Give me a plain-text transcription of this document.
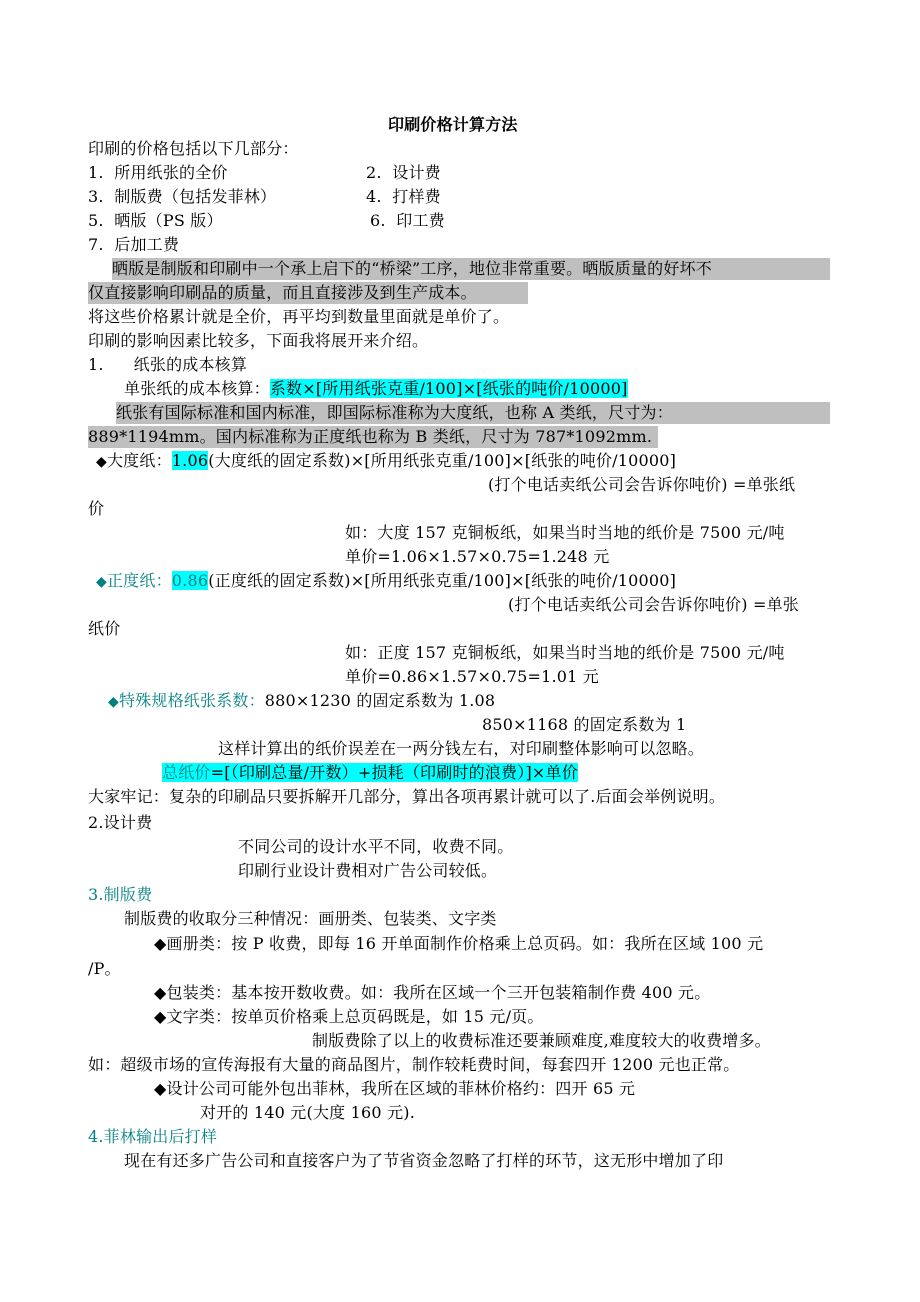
印刷价格计算方法
印刷的价格包括以下几部分：
1. 所用纸张的全价	2. 设计费
3. 制版费（包括发菲林）	4. 打样费
5. 晒版（PS 版）	6. 印工费
7. 后加工费
晒版是制版和印刷中一个承上启下的“桥梁”工序，地位非常重要。晒版质量的好坏不
仅直接影响印刷品的质量，而且直接涉及到生产成本。
将这些价格累计就是全价，再平均到数量里面就是单价了。
印刷的影响因素比较多，下面我将展开来介绍。
1. 纸张的成本核算
单张纸的成本核算：系数×[所用纸张克重/100]×[纸张的吨价/10000]
纸张有国际标准和国内标准，即国际标准称为大度纸，也称 A 类纸，尺寸为：
889*1194mm。国内标准称为正度纸也称为 B 类纸，尺寸为 787*1092mm.
◆大度纸：1.06(大度纸的固定系数)×[所用纸张克重/100]×[纸张的吨价/10000]
(打个电话卖纸公司会告诉你吨价) =单张纸
价
如：大度 157 克铜板纸，如果当时当地的纸价是 7500 元/吨
单价=1.06×1.57×0.75=1.248 元
◆正度纸：0.86(正度纸的固定系数)×[所用纸张克重/100]×[纸张的吨价/10000]
(打个电话卖纸公司会告诉你吨价) =单张
纸价
如：正度 157 克铜板纸，如果当时当地的纸价是 7500 元/吨
单价=0.86×1.57×0.75=1.01 元
◆特殊规格纸张系数：880×1230 的固定系数为 1.08
850×1168 的固定系数为 1
这样计算出的纸价误差在一两分钱左右，对印刷整体影响可以忽略。
总纸价=[（印刷总量/开数）+损耗（印刷时的浪费）]×单价
大家牢记：复杂的印刷品只要拆解开几部分，算出各项再累计就可以了.后面会举例说明。
2.设计费
不同公司的设计水平不同，收费不同。
印刷行业设计费相对广告公司较低。
3.制版费
制版费的收取分三种情况：画册类、包装类、文字类
◆画册类：按 P 收费，即每 16 开单面制作价格乘上总页码。如：我所在区域 100 元
/P。
◆包装类：基本按开数收费。如：我所在区域一个三开包装箱制作费 400 元。
◆文字类：按单页价格乘上总页码既是，如 15 元/页。
制版费除了以上的收费标准还要兼顾难度,难度较大的收费增多。
如：超级市场的宣传海报有大量的商品图片，制作较耗费时间，每套四开 1200 元也正常。
◆设计公司可能外包出菲林，我所在区域的菲林价格约：四开 65 元
对开的 140 元(大度 160 元).
4.菲林输出后打样
现在有还多广告公司和直接客户为了节省资金忽略了打样的环节，这无形中增加了印
